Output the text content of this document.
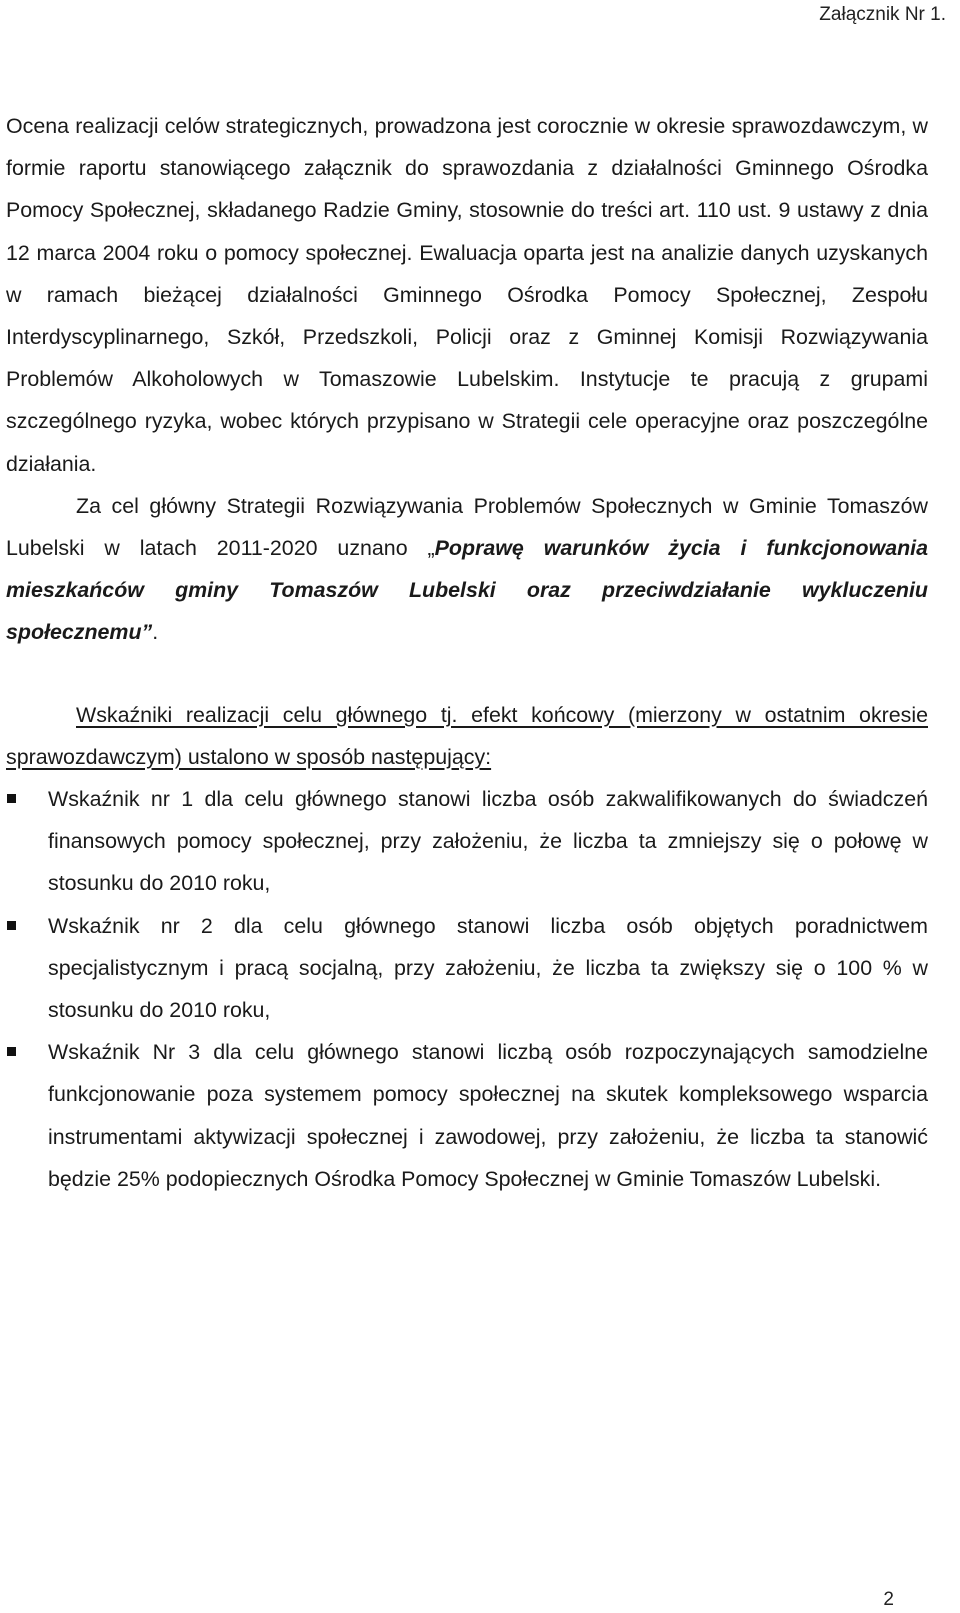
Załącznik Nr 1.

Ocena realizacji celów strategicznych, prowadzona jest corocznie w okresie sprawozdawczym, w formie raportu stanowiącego załącznik do sprawozdania z działalności Gminnego Ośrodka Pomocy Społecznej, składanego Radzie Gminy, stosownie do treści art. 110 ust. 9 ustawy z dnia 12 marca 2004 roku o pomocy społecznej. Ewaluacja oparta jest na analizie danych uzyskanych w ramach bieżącej działalności Gminnego Ośrodka Pomocy Społecznej, Zespołu Interdyscyplinarnego, Szkół, Przedszkoli, Policji oraz z Gminnej Komisji Rozwiązywania Problemów Alkoholowych w Tomaszowie Lubelskim. Instytucje te pracują z grupami szczególnego ryzyka, wobec których przypisano w Strategii cele operacyjne oraz poszczególne działania.

Za cel główny Strategii Rozwiązywania Problemów Społecznych w Gminie Tomaszów Lubelski w latach 2011-2020 uznano „Poprawę warunków życia i funkcjonowania mieszkańców gminy Tomaszów Lubelski oraz przeciwdziałanie wykluczeniu społecznemu”.

Wskaźniki realizacji celu głównego tj. efekt końcowy (mierzony w ostatnim okresie sprawozdawczym) ustalono w sposób następujący:

Wskaźnik nr 1 dla celu głównego stanowi liczba osób zakwalifikowanych do świadczeń finansowych pomocy społecznej, przy założeniu, że liczba ta zmniejszy się o połowę w stosunku do 2010 roku,
Wskaźnik nr 2 dla celu głównego stanowi liczba osób objętych poradnictwem specjalistycznym i pracą socjalną, przy założeniu, że liczba ta zwiększy się o 100 % w stosunku do 2010 roku,
Wskaźnik Nr 3 dla celu głównego stanowi liczbą osób rozpoczynających samodzielne funkcjonowanie poza systemem pomocy społecznej na skutek kompleksowego wsparcia instrumentami aktywizacji społecznej i zawodowej, przy założeniu, że liczba ta stanowić będzie 25% podopiecznych Ośrodka Pomocy Społecznej w Gminie Tomaszów Lubelski.
2
